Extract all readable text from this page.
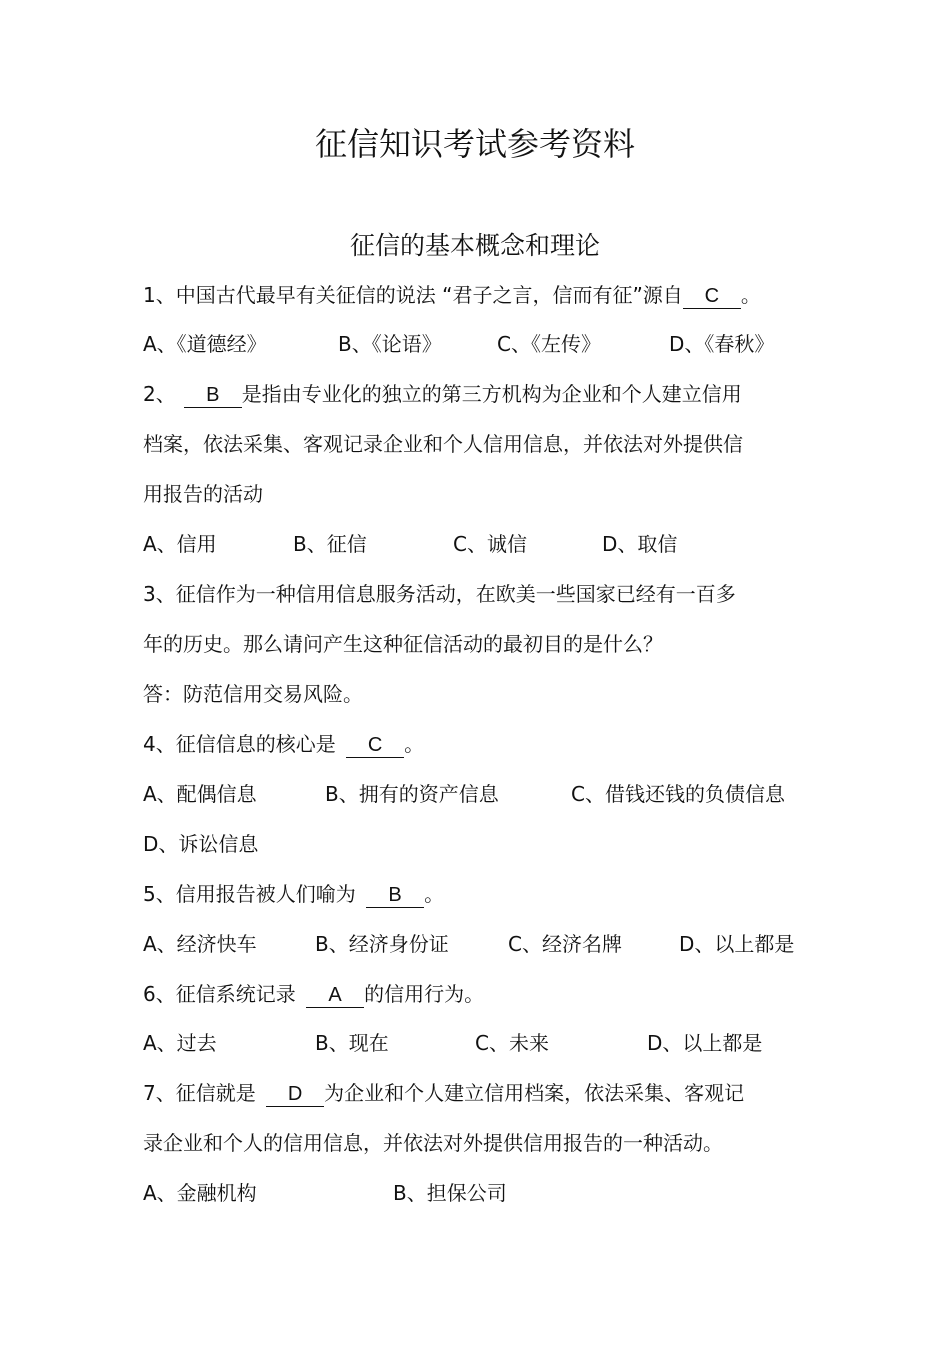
征信知识考试参考资料
征信的基本概念和理论
1、中国古代最早有关征信的说法 “君子之言，信而有征”源自 C 。
A、《道德经》	B、《论语》	C、《左传》	D、《春秋》
2、 B 是指由专业化的独立的第三方机构为企业和个人建立信用
档案，依法采集、客观记录企业和个人信用信息，并依法对外提供信
用报告的活动
A、信用	B、征信	C、诚信	D、取信
3、征信作为一种信用信息服务活动，在欧美一些国家已经有一百多
年的历史。那么请问产生这种征信活动的最初目的是什么？
答：防范信用交易风险。
4、征信信息的核心是 C 。
A、配偶信息	B、拥有的资产信息	C、借钱还钱的负债信息
D、诉讼信息
5、信用报告被人们喻为 B 。
A、经济快车	B、经济身份证	C、经济名牌	D、以上都是
6、征信系统记录 A 的信用行为。
A、过去	B、现在	C、未来	D、以上都是
7、征信就是 D 为企业和个人建立信用档案，依法采集、客观记
录企业和个人的信用信息，并依法对外提供信用报告的一种活动。
A、金融机构	B、担保公司
